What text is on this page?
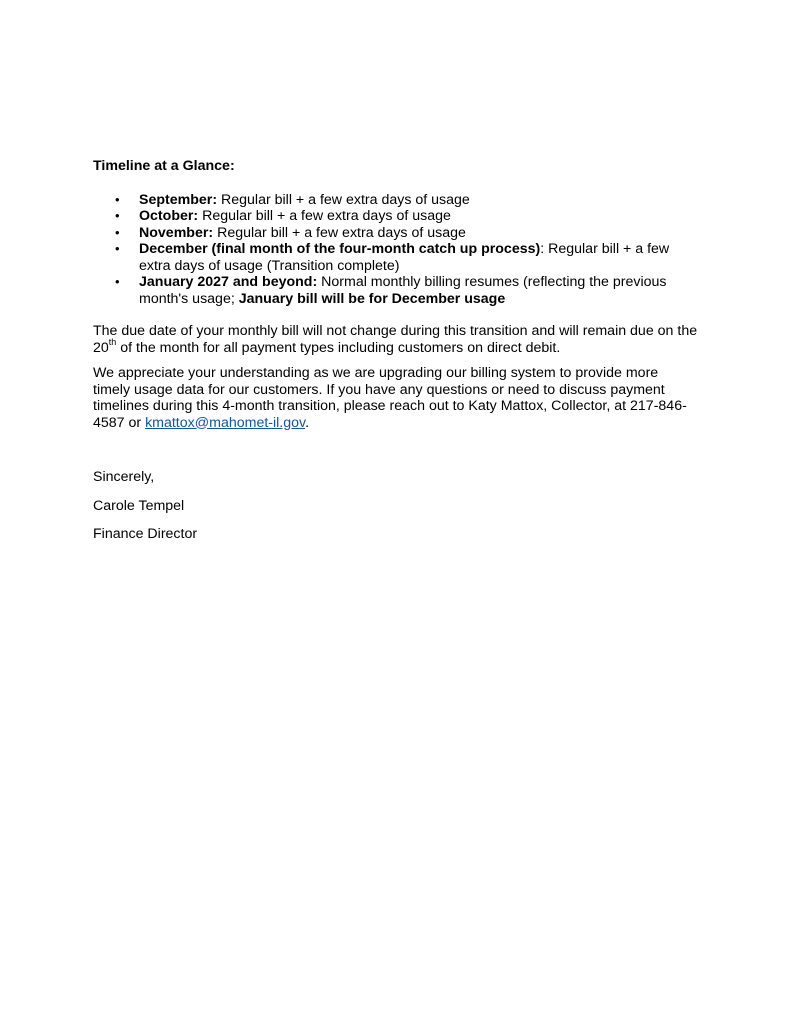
Timeline at a Glance:

• September: Regular bill + a few extra days of usage
• October: Regular bill + a few extra days of usage
• November: Regular bill + a few extra days of usage
• December (final month of the four-month catch up process): Regular bill + a few extra days of usage (Transition complete)
• January 2027 and beyond: Normal monthly billing resumes (reflecting the previous month's usage; January bill will be for December usage

The due date of your monthly bill will not change during this transition and will remain due on the 20th of the month for all payment types including customers on direct debit.

We appreciate your understanding as we are upgrading our billing system to provide more timely usage data for our customers. If you have any questions or need to discuss payment timelines during this 4-month transition, please reach out to Katy Mattox, Collector, at 217-846-4587 or kmattox@mahomet-il.gov.

Sincerely,

Carole Tempel

Finance Director
